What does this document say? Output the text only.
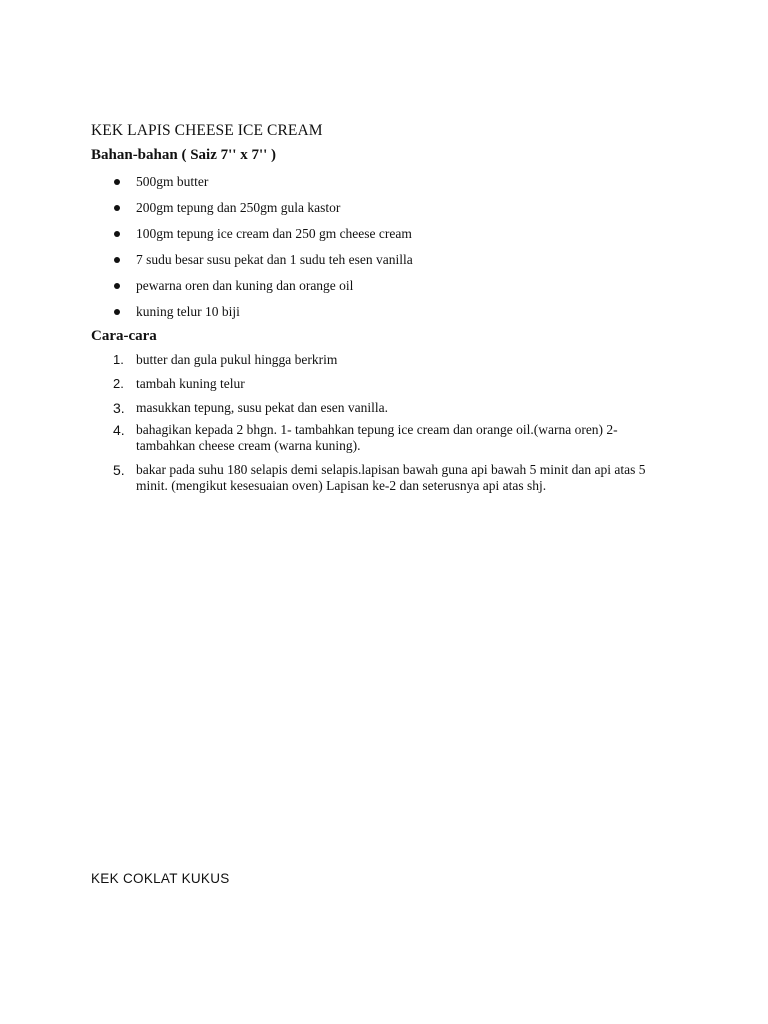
KEK LAPIS CHEESE ICE CREAM
Bahan-bahan ( Saiz 7'' x 7'' )
500gm butter
200gm tepung dan 250gm gula kastor
100gm tepung ice cream dan 250 gm cheese cream
7 sudu besar susu pekat dan 1 sudu teh esen vanilla
pewarna oren dan kuning dan orange oil
kuning telur 10 biji
Cara-cara
1. butter dan gula pukul hingga berkrim
2. tambah kuning telur
3. masukkan tepung, susu pekat dan esen vanilla.
4. bahagikan kepada 2 bhgn. 1- tambahkan tepung ice cream dan orange oil.(warna oren) 2- tambahkan cheese cream (warna kuning).
5. bakar pada suhu 180 selapis demi selapis.lapisan bawah guna api bawah 5 minit dan api atas 5 minit. (mengikut kesesuaian oven) Lapisan ke-2 dan seterusnya api atas shj.
KEK COKLAT KUKUS
